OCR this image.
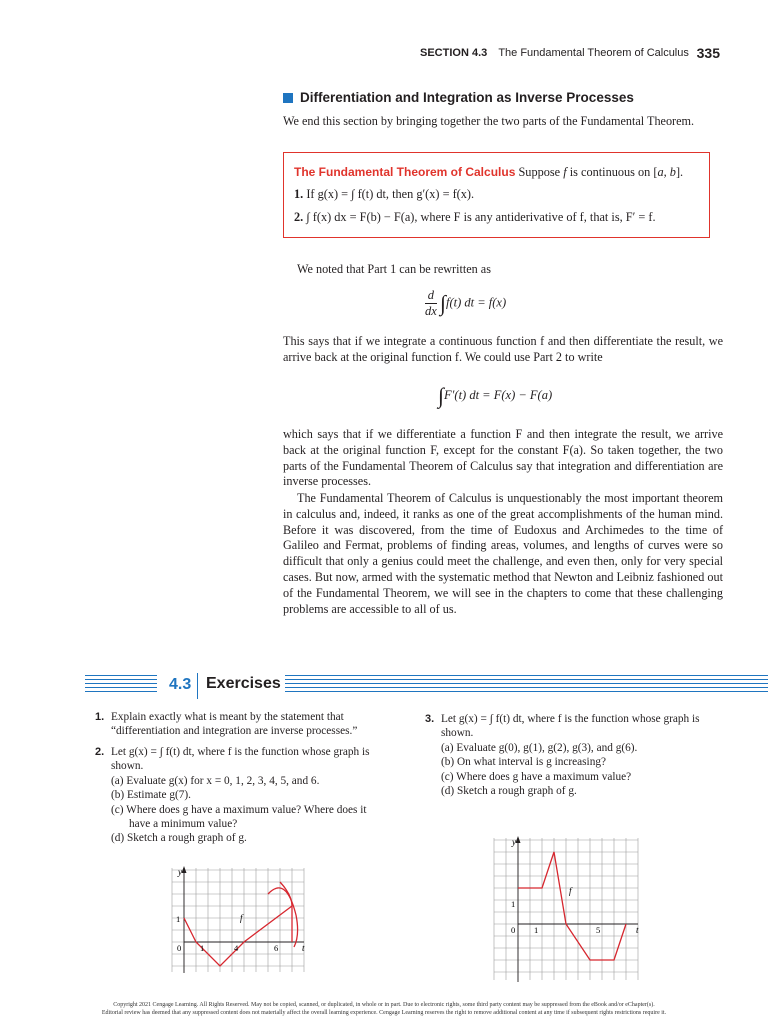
SECTION 4.3 The Fundamental Theorem of Calculus 335
Differentiation and Integration as Inverse Processes
We end this section by bringing together the two parts of the Fundamental Theorem.
The Fundamental Theorem of Calculus Suppose f is continuous on [a, b].
1. If g(x) = ∫ f(t) dt, then g′(x) = f(x).
2. ∫ f(x) dx = F(b) − F(a), where F is any antiderivative of f, that is, F′ = f.
We noted that Part 1 can be rewritten as
$\frac{d}{dx} \int f(t)$ dt = f(x)
This says that if we integrate a continuous function f and then differentiate the result, we arrive back at the original function f. We could use Part 2 to write
∫F′(t) dt = F(x) − F(a)
which says that if we differentiate a function F and then integrate the result, we arrive back at the original function F, except for the constant F(a). So taken together, the two parts of the Fundamental Theorem of Calculus say that integration and differentiation are inverse processes.
The Fundamental Theorem of Calculus is unquestionably the most important theorem in calculus and, indeed, it ranks as one of the great accomplishments of the human mind. Before it was discovered, from the time of Eudoxus and Archimedes to the time of Galileo and Fermat, problems of finding areas, volumes, and lengths of curves were so difficult that only a genius could meet the challenge, and even then, only for very special cases. But now, armed with the systematic method that Newton and Leibniz fashioned out of the Fundamental Theorem, we will see in the chapters to come that these challenging problems are accessible to all of us.
4.3 Exercises
1. Explain exactly what is meant by the statement that “differentiation and integration are inverse processes.”
2. Let g(x) = ∫ f(t) dt, where f is the function whose graph is shown.
(a) Evaluate g(x) for x = 0, 1, 2, 3, 4, 5, and 6.
(b) Estimate g(7).
(c) Where does g have a maximum value? Where does it
have a minimum value?
(d) Sketch a rough graph of g.
3. Let g(x) = ∫ f(t) dt, where f is the function whose graph is shown.
(a) Evaluate g(0), g(1), g(2), g(3), and g(6).
(b) On what interval is g increasing?
(c) Where does g have a maximum value?
(d) Sketch a rough graph of g.
y
t
f
1
0 1	4	6
y
t
f
1
0 1	5
Copyright 2021 Cengage Learning. All Rights Reserved. May not be copied, scanned, or duplicated, in whole or in part. Due to electronic rights, some third party content may be suppressed from the eBook and/or eChapter(s).
Editorial review has deemed that any suppressed content does not materially affect the overall learning experience. Cengage Learning reserves the right to remove additional content at any time if subsequent rights restrictions require it.
